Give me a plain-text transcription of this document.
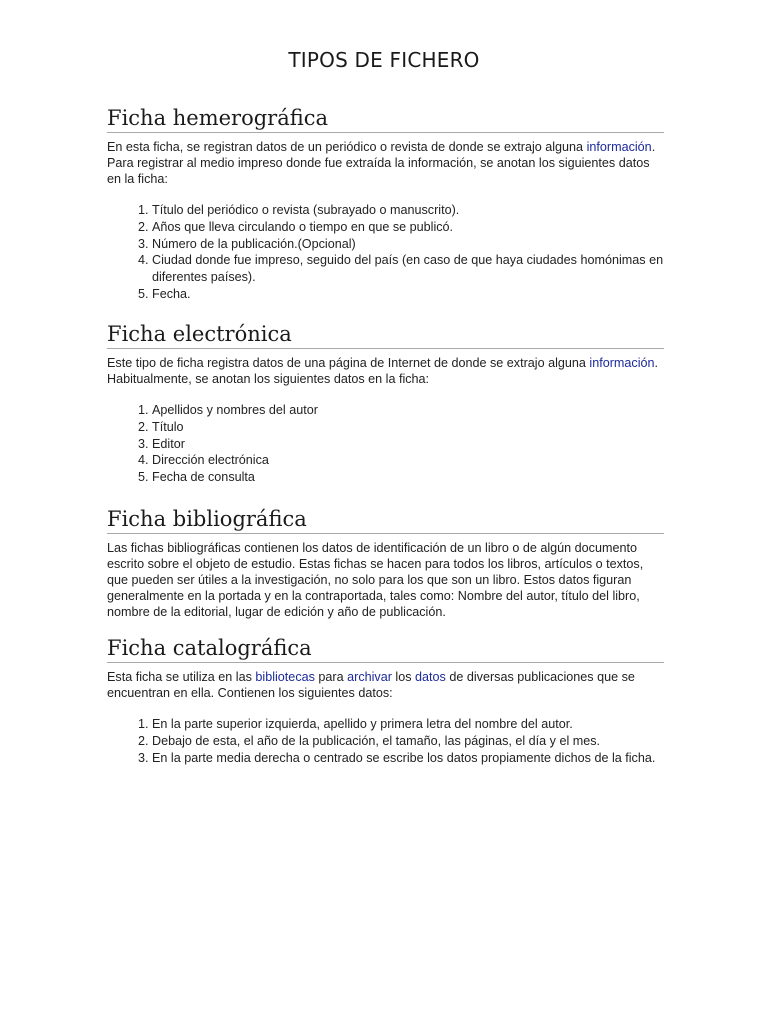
TIPOS DE FICHERO
Ficha hemerográfica

En esta ficha, se registran datos de un periódico o revista de donde se extrajo alguna información. Para registrar al medio impreso donde fue extraída la información, se anotan los siguientes datos en la ficha:

1. Título del periódico o revista (subrayado o manuscrito).
2. Años que lleva circulando o tiempo en que se publicó.
3. Número de la publicación.(Opcional)
4. Ciudad donde fue impreso, seguido del país (en caso de que haya ciudades homónimas en diferentes países).
5. Fecha.
Ficha electrónica

Este tipo de ficha registra datos de una página de Internet de donde se extrajo alguna información. Habitualmente, se anotan los siguientes datos en la ficha:

1. Apellidos y nombres del autor
2. Título
3. Editor
4. Dirección electrónica
5. Fecha de consulta
Ficha bibliográfica

Las fichas bibliográficas contienen los datos de identificación de un libro o de algún documento escrito sobre el objeto de estudio. Estas fichas se hacen para todos los libros, artículos o textos, que pueden ser útiles a la investigación, no solo para los que son un libro. Estos datos figuran generalmente en la portada y en la contraportada, tales como: Nombre del autor, título del libro, nombre de la editorial, lugar de edición y año de publicación.

Ficha catalográfica

Esta ficha se utiliza en las bibliotecas para archivar los datos de diversas publicaciones que se encuentran en ella. Contienen los siguientes datos:

1. En la parte superior izquierda, apellido y primera letra del nombre del autor.
2. Debajo de esta, el año de la publicación, el tamaño, las páginas, el día y el mes.
3. En la parte media derecha o centrado se escribe los datos propiamente dichos de la ficha.
